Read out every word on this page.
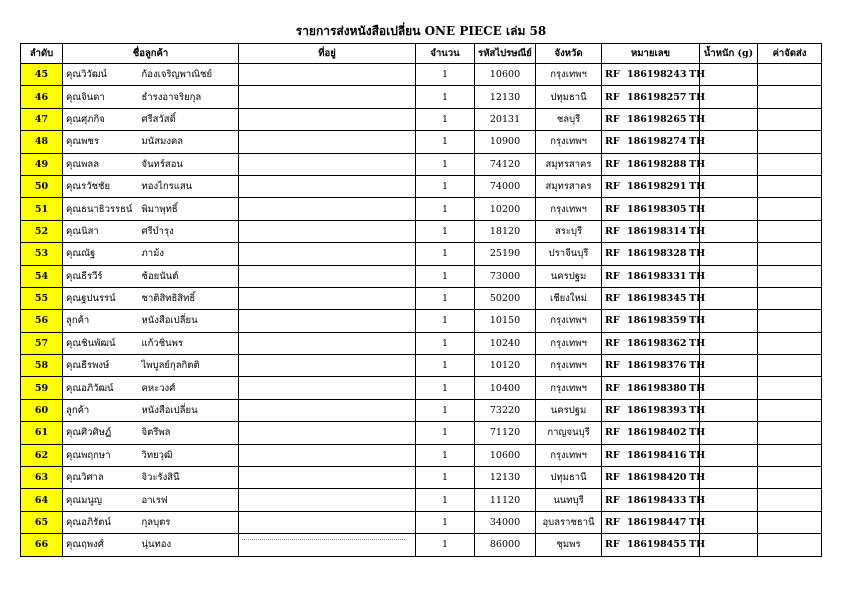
รายการส่งหนังสือเปลี่ยน ONE PIECE เล่ม 58
ลำดับ	ชื่อลูกค้า		ที่อยู่	จำนวน	รหัสไปรษณีย์	จังหวัด	หมายเลข	น้ำหนัก (g)	ค่าจัดส่ง
45	คุณวิวัฒน์	ก้องเจริญพาณิชย์		1	10600	กรุงเทพฯ	RF 186198243 TH		
46	คุณจินดา	ธำรงอาจริยกุล		1	12130	ปทุมธานี	RF 186198257 TH		
47	คุณศุภกิจ	ศรีสวัสดิ์		1	20131	ชลบุรี	RF 186198265 TH		
48	คุณพชร	มนัสมงคล		1	10900	กรุงเทพฯ	RF 186198274 TH		
49	คุณพลล	จันทร์สอน		1	74120	สมุทรสาคร	RF 186198288 TH		
50	คุณรวัชชัย	ทองไกรแสน		1	74000	สมุทรสาคร	RF 186198291 TH		
51	คุณธนาธิวรรธน์	พิมาพุทธิ์		1	10200	กรุงเทพฯ	RF 186198305 TH		
52	คุณนิสา	ศรีบำรุง		1	18120	สระบุรี	RF 186198314 TH		
53	คุณณัฐ	ภาม้ง		1	25190	ปราจีนบุรี	RF 186198328 TH		
54	คุณธีรวีร์	ช้อยนันต์		1	73000	นครปฐม	RF 186198331 TH		
55	คุณฐปนรรน์	ชาติสิทธิสิทธิ์		1	50200	เชียงใหม่	RF 186198345 TH		
56	ลูกค้า	หนังสือเปลี่ยน		1	10150	กรุงเทพฯ	RF 186198359 TH		
57	คุณชินพัฒน์	แก้วชินพร		1	10240	กรุงเทพฯ	RF 186198362 TH		
58	คุณธีรพงษ์	ไพบูลย์กุลกิตติ		1	10120	กรุงเทพฯ	RF 186198376 TH		
59	คุณอภิวัฒน์	คหะวงศ์		1	10400	กรุงเทพฯ	RF 186198380 TH		
60	ลูกค้า	หนังสือเปลี่ยน		1	73220	นครปฐม	RF 186198393 TH		
61	คุณศิวศิษฏ์	จิตรีพล		1	71120	กาญจนบุรี	RF 186198402 TH		
62	คุณพฤกษา	วิทยวุฒิ		1	10600	กรุงเทพฯ	RF 186198416 TH		
63	คุณวิศาล	จิวะรังสินี		1	12130	ปทุมธานี	RF 186198420 TH		
64	คุณมนูญ	อาเรฟ		1	11120	นนทบุรี	RF 186198433 TH		
65	คุณอภิรัตน์	กุลบุตร		1	34000	อุบลราชธานี	RF 186198447 TH		
66	คุณฤพงศ์	นุ่นทอง		1	86000	ชุมพร	RF 186198455 TH		
